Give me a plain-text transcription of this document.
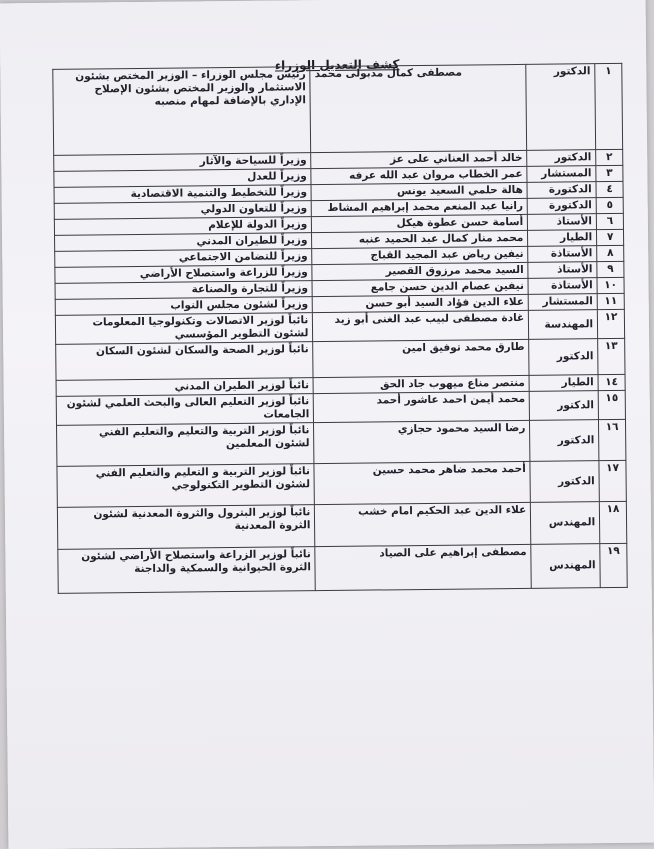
كشف التعديل الوزراء	١	الدكتور	مصطفى كمال مدبولى محمد	رئيس مجلس الوزراء – الوزير المختص بشئون الاستثمار والوزير المختص بشئون الإصلاح الإداري بالإضافة لمهام منصبه
٢	الدكتور	خالد أحمد العناني على عز	وزيراً للسياحة والآثار
٣	المستشار	عمر الخطاب مروان عبد الله عرفه	وزيراً للعدل
٤	الدكتورة	هالة حلمي السعيد يونس	وزيراً للتخطيط والتنمية الاقتصادية
٥	الدكتورة	رانيا عبد المنعم محمد إبراهيم المشاط	وزيراً للتعاون الدولي
٦	الأستاذ	أسامة حسن عطوة هيكل	وزيراً الدولة للإعلام
٧	الطيار	محمد منار كمال عبد الحميد عنبه	وزيراً للطيران المدني
٨	الأستاذة	نيفين رياض عبد المجيد القباج	وزيراً للتضامن الاجتماعي
٩	الأستاذ	السيد محمد مرزوق القصير	وزيراً للزراعة واستصلاح الأراضي
١٠	الأستاذة	نيفين عصام الدين حسن جامع	وزيراً للتجارة والصناعة
١١	المستشار	علاء الدين فؤاد السيد أبو حسن	وزيراً لشئون مجلس النواب
١٢	المهندسة	غادة مصطفى لبيب عبد الغنى أبو زيد	نائباً لوزير الاتصالات وتكنولوجيا المعلومات لشئون التطوير المؤسسي
١٣	الدكتور	طارق محمد توفيق امين	نائباً لوزير الصحة والسكان لشئون السكان
١٤	الطيار	منتصر مناع ميهوب جاد الحق	نائباً لوزير الطيران المدني
١٥	الدكتور	محمد أيمن احمد عاشور أحمد	نائباً لوزير التعليم العالى والبحث العلمي لشئون الجامعات
١٦	الدكتور	رضا السيد محمود حجازي	نائباً لوزير التربية والتعليم والتعليم الفني لشئون المعلمين
١٧	الدكتور	أحمد محمد ضاهر محمد حسين	نائباً لوزير التربية و التعليم والتعليم الفني لشئون التطوير التكنولوجي
١٨	المهندس	علاء الدين عبد الحكيم امام خشب	نائباً لوزير البترول والثروة المعدنية لشئون الثروة المعدنية
١٩	المهندس	مصطفى إبراهيم على الصياد	نائباً لوزير الزراعة واستصلاح الأراضي لشئون الثروة الحيوانية والسمكية والداجنة
